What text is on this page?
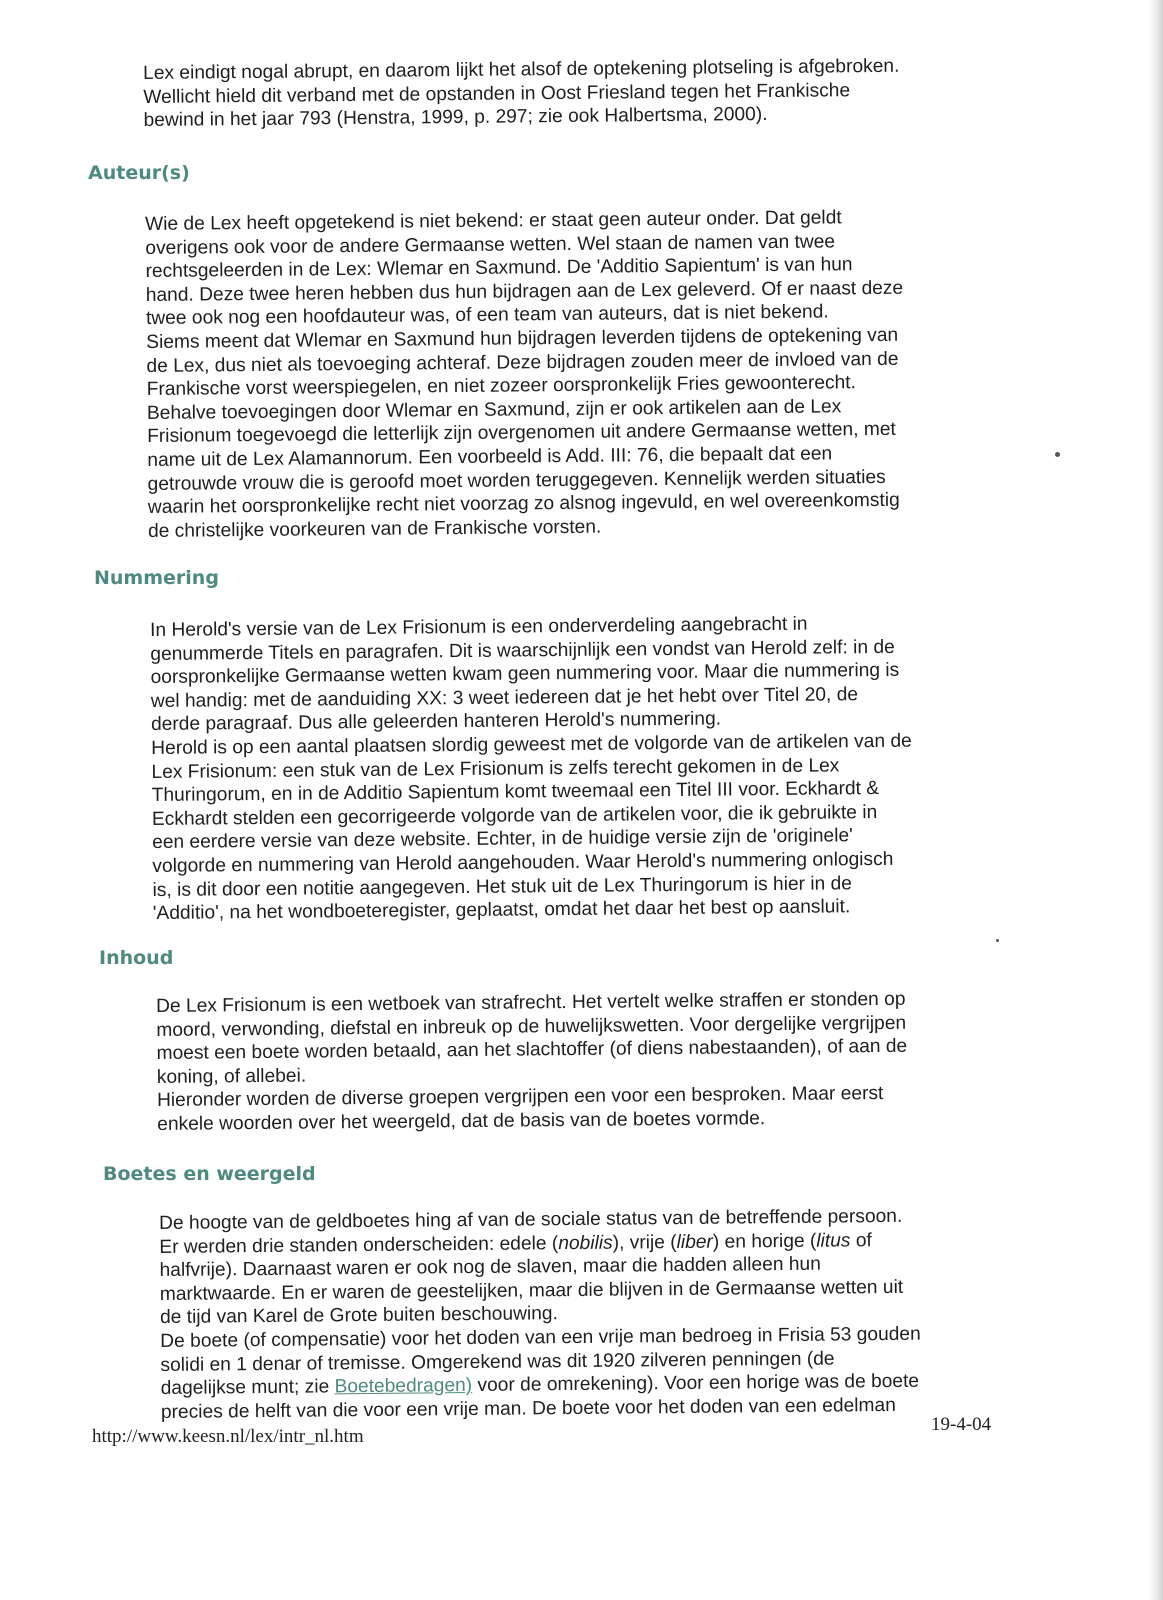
Lex eindigt nogal abrupt, en daarom lijkt het alsof de optekening plotseling is afgebroken.
Wellicht hield dit verband met de opstanden in Oost Friesland tegen het Frankische
bewind in het jaar 793 (Henstra, 1999, p. 297; zie ook Halbertsma, 2000).

Auteur(s)

Wie de Lex heeft opgetekend is niet bekend: er staat geen auteur onder. Dat geldt
overigens ook voor de andere Germaanse wetten. Wel staan de namen van twee
rechtsgeleerden in de Lex: Wlemar en Saxmund. De 'Additio Sapientum' is van hun
hand. Deze twee heren hebben dus hun bijdragen aan de Lex geleverd. Of er naast deze
twee ook nog een hoofdauteur was, of een team van auteurs, dat is niet bekend.
Siems meent dat Wlemar en Saxmund hun bijdragen leverden tijdens de optekening van
de Lex, dus niet als toevoeging achteraf. Deze bijdragen zouden meer de invloed van de
Frankische vorst weerspiegelen, en niet zozeer oorspronkelijk Fries gewoonterecht.
Behalve toevoegingen door Wlemar en Saxmund, zijn er ook artikelen aan de Lex
Frisionum toegevoegd die letterlijk zijn overgenomen uit andere Germaanse wetten, met
name uit de Lex Alamannorum. Een voorbeeld is Add. III: 76, die bepaalt dat een
getrouwde vrouw die is geroofd moet worden teruggegeven. Kennelijk werden situaties
waarin het oorspronkelijke recht niet voorzag zo alsnog ingevuld, en wel overeenkomstig
de christelijke voorkeuren van de Frankische vorsten.

Nummering

In Herold's versie van de Lex Frisionum is een onderverdeling aangebracht in
genummerde Titels en paragrafen. Dit is waarschijnlijk een vondst van Herold zelf: in de
oorspronkelijke Germaanse wetten kwam geen nummering voor. Maar die nummering is
wel handig: met de aanduiding XX: 3 weet iedereen dat je het hebt over Titel 20, de
derde paragraaf. Dus alle geleerden hanteren Herold's nummering.
Herold is op een aantal plaatsen slordig geweest met de volgorde van de artikelen van de
Lex Frisionum: een stuk van de Lex Frisionum is zelfs terecht gekomen in de Lex
Thuringorum, en in de Additio Sapientum komt tweemaal een Titel III voor. Eckhardt &
Eckhardt stelden een gecorrigeerde volgorde van de artikelen voor, die ik gebruikte in
een eerdere versie van deze website. Echter, in de huidige versie zijn de 'originele'
volgorde en nummering van Herold aangehouden. Waar Herold's nummering onlogisch
is, is dit door een notitie aangegeven. Het stuk uit de Lex Thuringorum is hier in de
'Additio', na het wondboeteregister, geplaatst, omdat het daar het best op aansluit.

Inhoud

De Lex Frisionum is een wetboek van strafrecht. Het vertelt welke straffen er stonden op
moord, verwonding, diefstal en inbreuk op de huwelijkswetten. Voor dergelijke vergrijpen
moest een boete worden betaald, aan het slachtoffer (of diens nabestaanden), of aan de
koning, of allebei.
Hieronder worden de diverse groepen vergrijpen een voor een besproken. Maar eerst
enkele woorden over het weergeld, dat de basis van de boetes vormde.

Boetes en weergeld

De hoogte van de geldboetes hing af van de sociale status van de betreffende persoon.
Er werden drie standen onderscheiden: edele (nobilis), vrije (liber) en horige (litus of
halfvrije). Daarnaast waren er ook nog de slaven, maar die hadden alleen hun
marktwaarde. En er waren de geestelijken, maar die blijven in de Germaanse wetten uit
de tijd van Karel de Grote buiten beschouwing.
De boete (of compensatie) voor het doden van een vrije man bedroeg in Frisia 53 gouden
solidi en 1 denar of tremisse. Omgerekend was dit 1920 zilveren penningen (de
dagelijkse munt; zie Boetebedragen) voor de omrekening). Voor een horige was de boete
precies de helft van die voor een vrije man. De boete voor het doden van een edelman

http://www.keesn.nl/lex/intr_nl.htm
19-4-04
